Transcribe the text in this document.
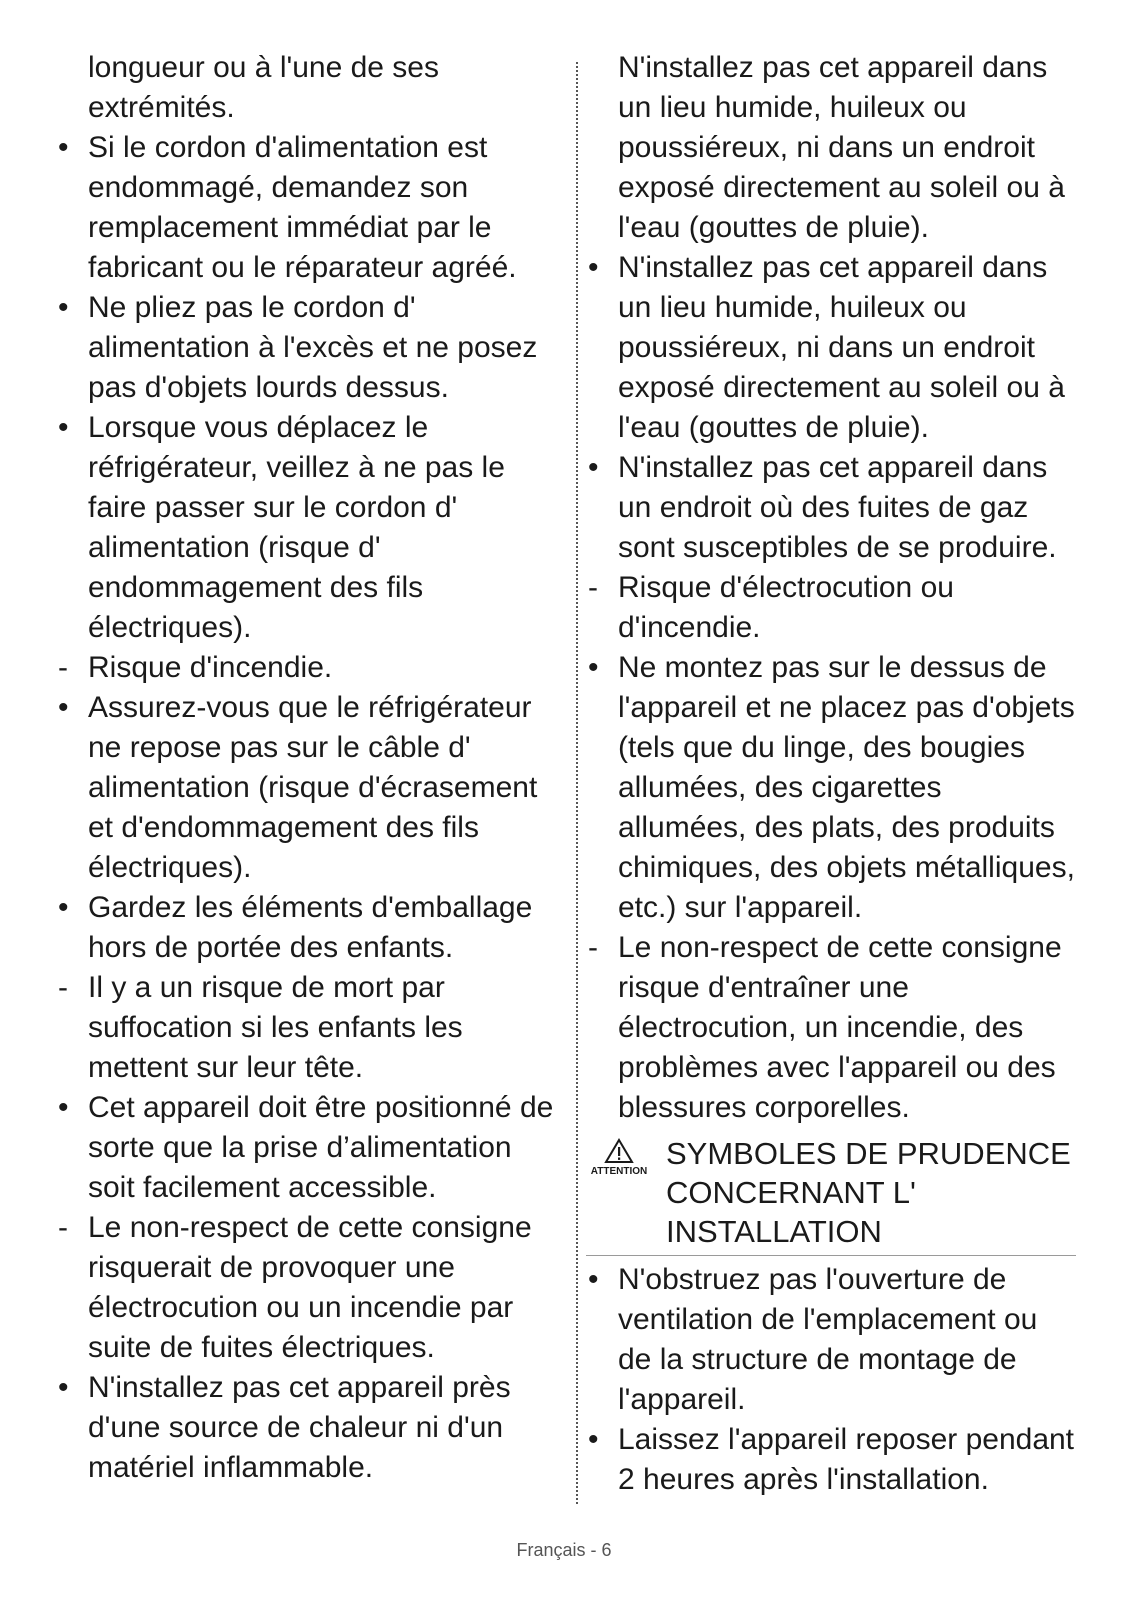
longueur ou à l'une de ses extrémités.

• Si le cordon d'alimentation est endommagé, demandez son remplacement immédiat par le fabricant ou le réparateur agréé.

• Ne pliez pas le cordon d' alimentation à l'excès et ne posez pas d'objets lourds dessus.

• Lorsque vous déplacez le réfrigérateur, veillez à ne pas le faire passer sur le cordon d' alimentation (risque d' endommagement des fils électriques).

- Risque d'incendie.

• Assurez-vous que le réfrigérateur ne repose pas sur le câble d' alimentation (risque d'écrasement et d'endommagement des fils électriques).

• Gardez les éléments d'emballage hors de portée des enfants.

- Il y a un risque de mort par suffocation si les enfants les mettent sur leur tête.

• Cet appareil doit être positionné de sorte que la prise d’alimentation soit facilement accessible.

- Le non-respect de cette consigne risquerait de provoquer une électrocution ou un incendie par suite de fuites électriques.

• N'installez pas cet appareil près d'une source de chaleur ni d'un matériel inflammable.

N'installez pas cet appareil dans un lieu humide, huileux ou poussiéreux, ni dans un endroit exposé directement au soleil ou à l'eau (gouttes de pluie).

• N'installez pas cet appareil dans un lieu humide, huileux ou poussiéreux, ni dans un endroit exposé directement au soleil ou à l'eau (gouttes de pluie).

• N'installez pas cet appareil dans un endroit où des fuites de gaz sont susceptibles de se produire.

- Risque d'électrocution ou d'incendie.

• Ne montez pas sur le dessus de l'appareil et ne placez pas d'objets (tels que du linge, des bougies allumées, des cigarettes allumées, des plats, des produits chimiques, des objets métalliques, etc.) sur l'appareil.

- Le non-respect de cette consigne risque d'entraîner une électrocution, un incendie, des problèmes avec l'appareil ou des blessures corporelles.

ATTENTION
SYMBOLES DE PRUDENCE CONCERNANT L' INSTALLATION

• N'obstruez pas l'ouverture de ventilation de l'emplacement ou de la structure de montage de l'appareil.

• Laissez l'appareil reposer pendant 2 heures après l'installation.

Français - 6
